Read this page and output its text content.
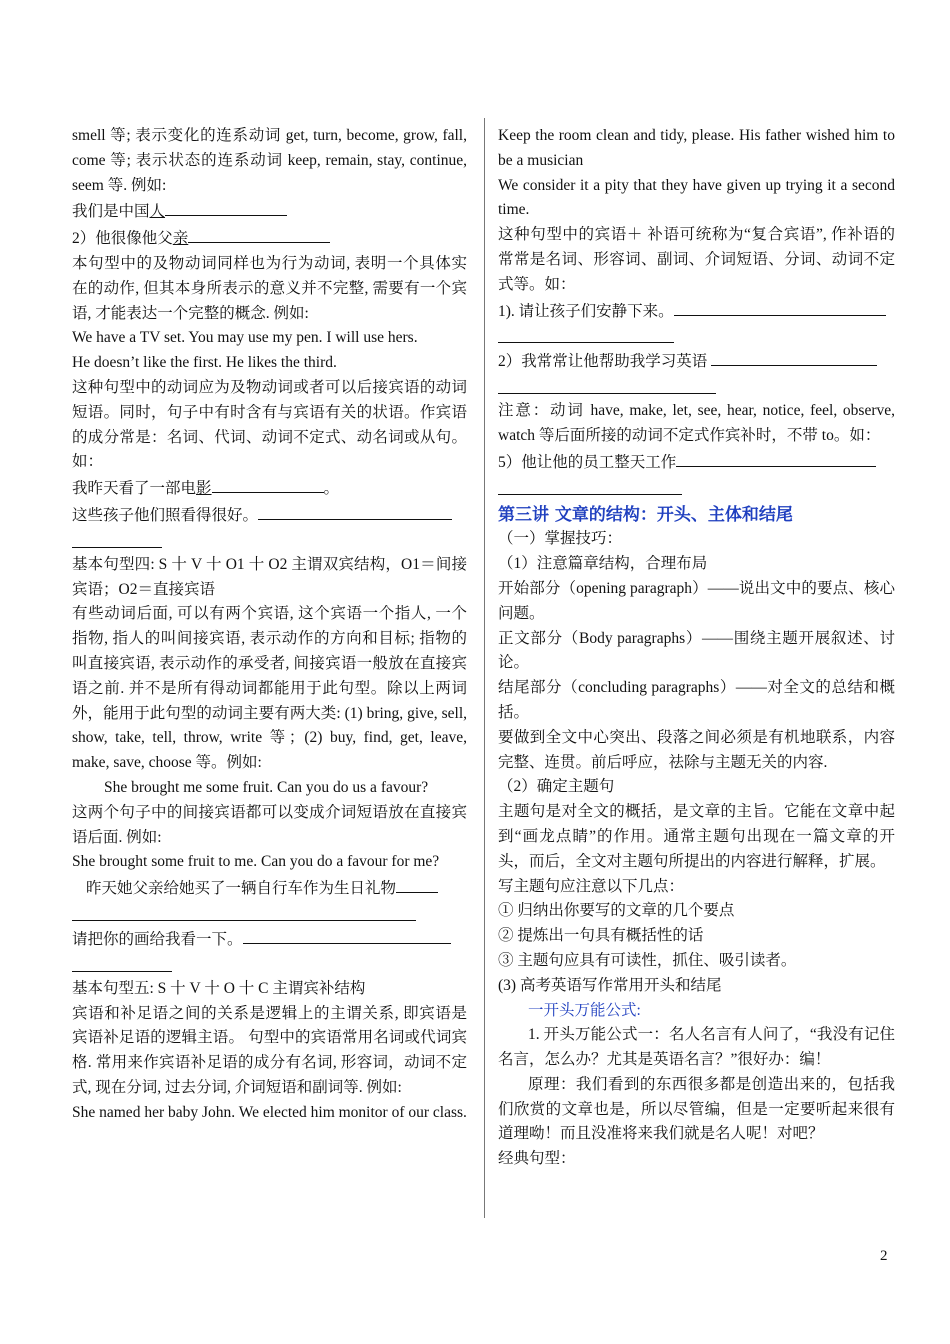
smell 等; 表示变化的连系动词 get, turn, become, grow, fall, come 等; 表示状态的连系动词 keep, remain, stay, continue, seem 等. 例如:

我们是中国人

2）他很像他父亲

本句型中的及物动词同样也为行为动词, 表明一个具体实在的动作, 但其本身所表示的意义并不完整, 需要有一个宾语, 才能表达一个完整的概念. 例如:

We have a TV set. You may use my pen. I will use hers.

He doesn’t like the first. He likes the third.

这种句型中的动词应为及物动词或者可以后接宾语的动词短语。同时，句子中有时含有与宾语有关的状语。作宾语的成分常是：名词、代词、动词不定式、动名词或从句。如：

我昨天看了一部电影	。

这些孩子他们照看得很好。

基本句型四: S 十 V 十 O1 十 O2 主谓双宾结构，O1＝间接宾语；O2＝直接宾语

有些动词后面, 可以有两个宾语, 这个宾语一个指人, 一个指物, 指人的叫间接宾语, 表示动作的方向和目标; 指物的叫直接宾语, 表示动作的承受者, 间接宾语一般放在直接宾语之前. 并不是所有得动词都能用于此句型。除以上两词外，能用于此句型的动词主要有两大类: (1) bring, give, sell, show, take, tell, throw, write 等；(2) buy, find, get, leave, make, save, choose 等。例如:

She brought me some fruit. Can you do us a favour?

这两个句子中的间接宾语都可以变成介词短语放在直接宾语后面. 例如:

She brought some fruit to me. Can you do a favour for me?

昨天她父亲给她买了一辆自行车作为生日礼物

请把你的画给我看一下。

基本句型五: S 十 V 十 O 十 C 主谓宾补结构

宾语和补足语之间的关系是逻辑上的主谓关系, 即宾语是宾语补足语的逻辑主语。 句型中的宾语常用名词或代词宾格. 常用来作宾语补足语的成分有名词, 形容词，动词不定式, 现在分词, 过去分词, 介词短语和副词等. 例如:

She named her baby John. We elected him monitor of our class.

Keep the room clean and tidy, please. His father wished him to be a musician

We consider it a pity that they have given up trying it a second time.

这种句型中的宾语＋ 补语可统称为“复合宾语”, 作补语的常常是名词、形容词、副词、介词短语、分词、动词不定式等。如：

1). 请让孩子们安静下来。

2）我常常让他帮助我学习英语

注意：动词 have, make, let, see, hear, notice, feel, observe, watch 等后面所接的动词不定式作宾补时，不带 to。如：

5）他让他的员工整天工作

第三讲 文章的结构：开头、主体和结尾

（一）掌握技巧：

（1）注意篇章结构，合理布局

开始部分（opening paragraph）——说出文中的要点、核心问题。

正文部分（Body paragraphs）——围绕主题开展叙述、讨论。

结尾部分（concluding paragraphs）——对全文的总结和概括。

要做到全文中心突出、段落之间必须是有机地联系，内容完整、连贯。前后呼应，祛除与主题无关的内容.

（2）确定主题句

主题句是对全文的概括，是文章的主旨。它能在文章中起到“画龙点睛”的作用。通常主题句出现在一篇文章的开头，而后，全文对主题句所提出的内容进行解释，扩展。

写主题句应注意以下几点：

① 归纳出你要写的文章的几个要点

② 提炼出一句具有概括性的话

③ 主题句应具有可读性，抓住、吸引读者。

(3) 高考英语写作常用开头和结尾

一开头万能公式:

1. 开头万能公式一：名人名言有人问了，“我没有记住名言，怎么办？尤其是英语名言？”很好办：编！

原理：我们看到的东西很多都是创造出来的，包括我们欣赏的文章也是，所以尽管编，但是一定要听起来很有道理呦！而且没准将来我们就是名人呢！对吧？

经典句型：

2
